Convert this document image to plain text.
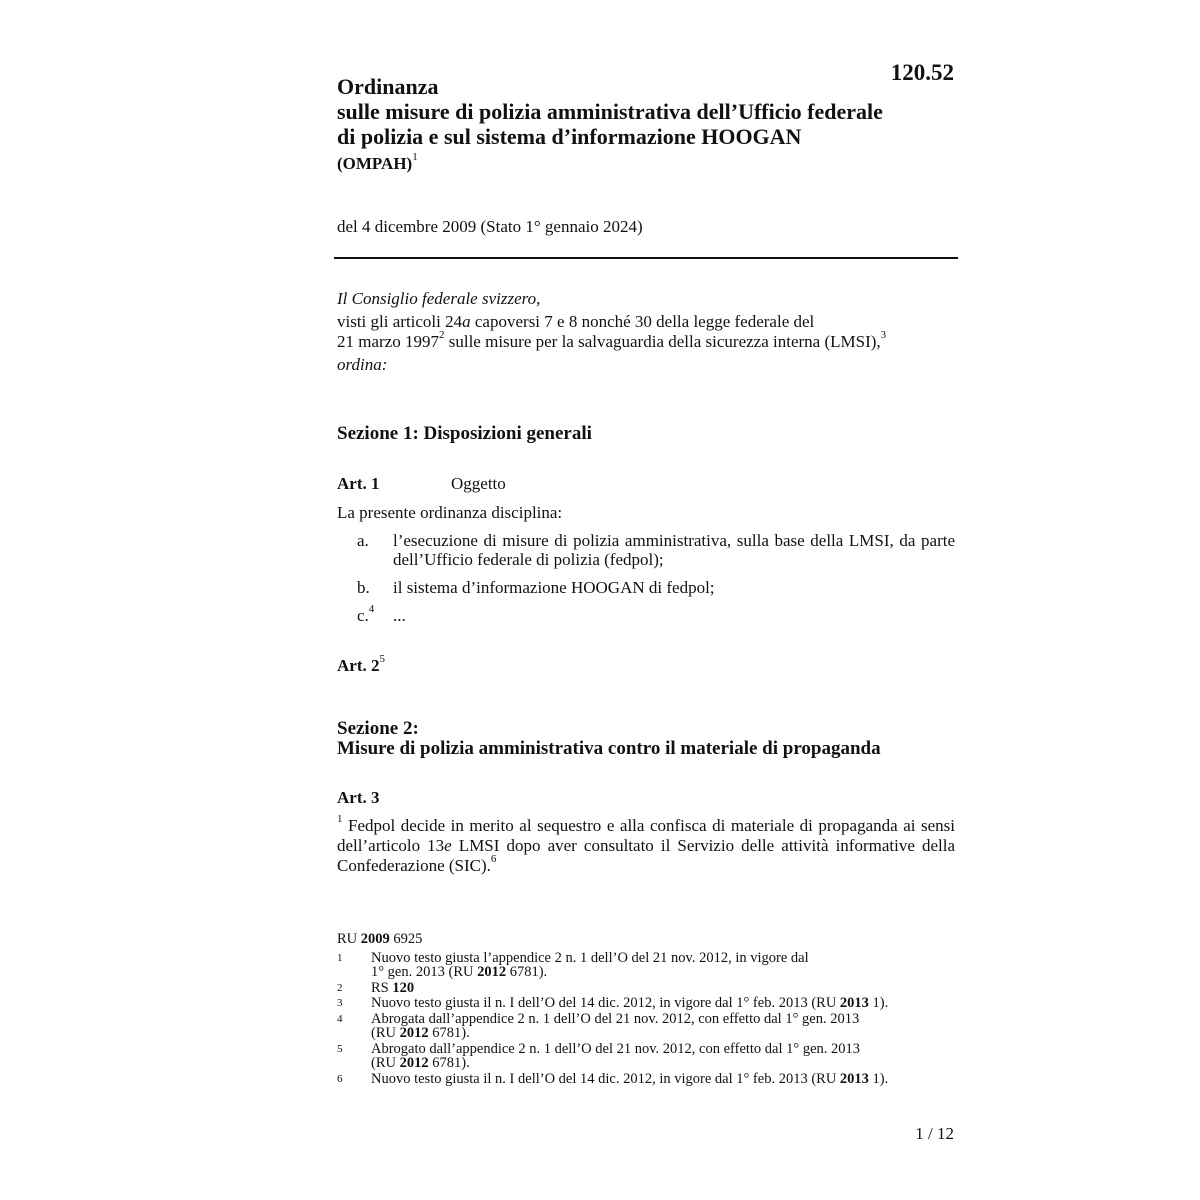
120.52
Ordinanza
sulle misure di polizia amministrativa dell’Ufficio federale
di polizia e sul sistema d’informazione HOOGAN
(OMPAH)$^1$
del 4 dicembre 2009 (Stato 1° gennaio 2024)
Il Consiglio federale svizzero,
visti gli articoli 24a capoversi 7 e 8 nonché 30 della legge federale del
21 marzo 1997$^2$ sulle misure per la salvaguardia della sicurezza interna (LMSI),$^3$
ordina:
Sezione 1: Disposizioni generali
Art. 1	Oggetto
La presente ordinanza disciplina:
a.	l’esecuzione di misure di polizia amministrativa, sulla base della LMSI, da parte dell’Ufficio federale di polizia (fedpol);
b.	il sistema d’informazione HOOGAN di fedpol;
c.$^4$	...
Art. $2^5$
Sezione 2:
Misure di polizia amministrativa contro il materiale di propaganda
Art. 3
$^1$ Fedpol decide in merito al sequestro e alla confisca di materiale di propaganda ai sensi dell’articolo 13e LMSI dopo aver consultato il Servizio delle attività informative della Confederazione (SIC).$^6$
RU 2009 6925
1	Nuovo testo giusta l’appendice 2 n. 1 dell’O del 21 nov. 2012, in vigore dal
1° gen. 2013 (RU 2012 6781).
2	RS 120
3	Nuovo testo giusta il n. I dell’O del 14 dic. 2012, in vigore dal 1° feb. 2013 (RU 2013 1).
4	Abrogata dall’appendice 2 n. 1 dell’O del 21 nov. 2012, con effetto dal 1° gen. 2013
(RU 2012 6781).
5	Abrogato dall’appendice 2 n. 1 dell’O del 21 nov. 2012, con effetto dal 1° gen. 2013
(RU 2012 6781).
6	Nuovo testo giusta il n. I dell’O del 14 dic. 2012, in vigore dal 1° feb. 2013 (RU 2013 1).
1 / 12
